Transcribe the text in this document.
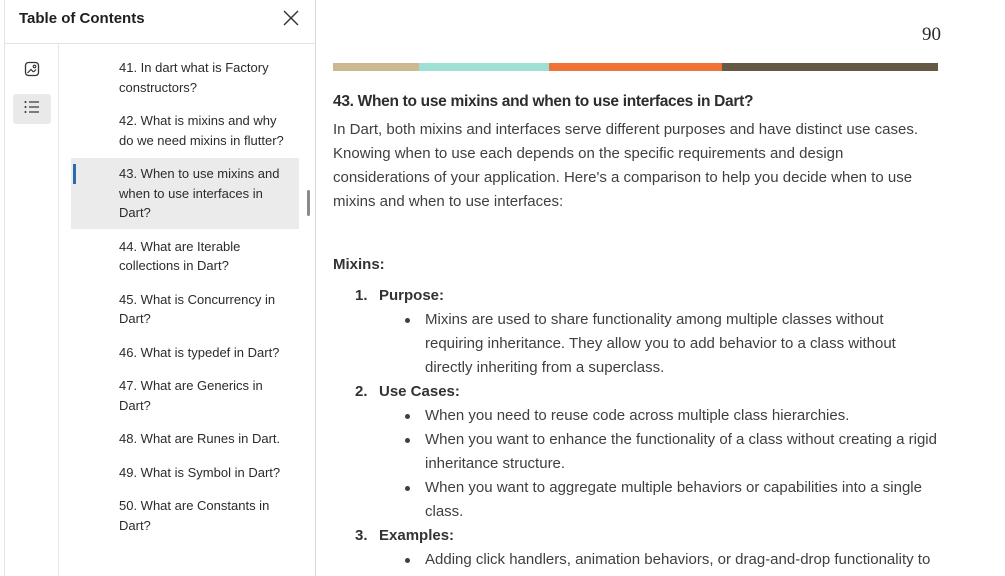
Table of Contents
41. In dart what is Factory constructors?
42. What is mixins and why do we need mixins in flutter?
43. When to use mixins and when to use interfaces in Dart?
44. What are Iterable collections in Dart?
45. What is Concurrency in Dart?
46. What is typedef in Dart?
47. What are Generics in Dart?
48. What are Runes in Dart.
49. What is Symbol in Dart?
50. What are Constants in Dart?
90
43. When to use mixins and when to use interfaces in Dart?

In Dart, both mixins and interfaces serve different purposes and have distinct use cases. Knowing when to use each depends on the specific requirements and design considerations of your application. Here's a comparison to help you decide when to use mixins and when to use interfaces:

Mixins:
1. Purpose:
Mixins are used to share functionality among multiple classes without requiring inheritance. They allow you to add behavior to a class without directly inheriting from a superclass.
2. Use Cases:
When you need to reuse code across multiple class hierarchies.
When you want to enhance the functionality of a class without creating a rigid inheritance structure.
When you want to aggregate multiple behaviors or capabilities into a single class.
3. Examples:
Adding click handlers, animation behaviors, or drag-and-drop functionality to
